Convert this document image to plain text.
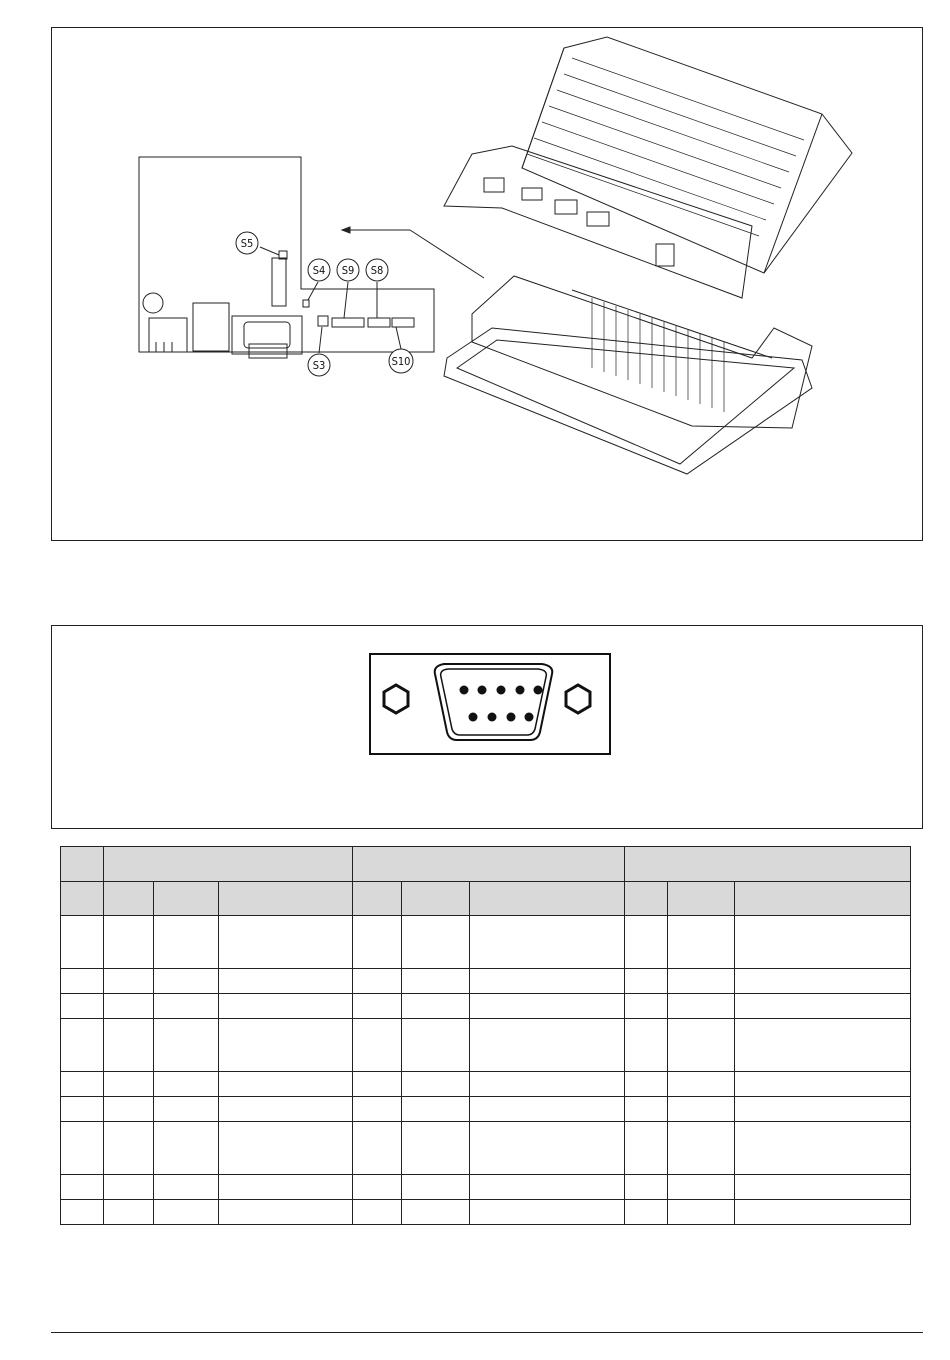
S5
S4 S9 S8
S3	S10
